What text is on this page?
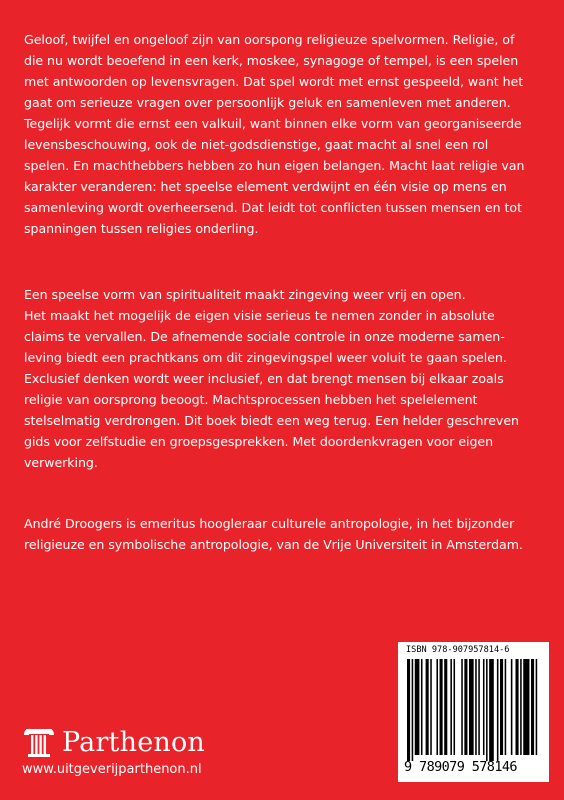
Geloof, twijfel en ongeloof zijn van oorspong religieuze spelvormen. Religie, of

die nu wordt beoefend in een kerk, moskee, synagoge of tempel, is een spelen

met antwoorden op levensvragen. Dat spel wordt met ernst gespeeld, want het

gaat om serieuze vragen over persoonlijk geluk en samenleven met anderen.

Tegelijk vormt die ernst een valkuil, want binnen elke vorm van georganiseerde

levensbeschouwing, ook de niet-godsdienstige, gaat macht al snel een rol

spelen. En machthebbers hebben zo hun eigen belangen. Macht laat religie van

karakter veranderen: het speelse element verdwijnt en één visie op mens en

samenleving wordt overheersend. Dat leidt tot conflicten tussen mensen en tot

spanningen tussen religies onderling.

Een speelse vorm van spiritualiteit maakt zingeving weer vrij en open.

Het maakt het mogelijk de eigen visie serieus te nemen zonder in absolute

claims te vervallen. De afnemende sociale controle in onze moderne samen-

leving biedt een prachtkans om dit zingevingspel weer voluit te gaan spelen.

Exclusief denken wordt weer inclusief, en dat brengt mensen bij elkaar zoals

religie van oorsprong beoogt. Machtsprocessen hebben het spelelement

stelselmatig verdrongen. Dit boek biedt een weg terug. Een helder geschreven

gids voor zelfstudie en groepsgesprekken. Met doordenkvragen voor eigen

verwerking.

André Droogers is emeritus hoogleraar culturele antropologie, in het bijzonder

religieuze en symbolische antropologie, van de Vrije Universiteit in Amsterdam.

Parthenon
www.uitgeverijparthenon.nl
ISBN 978-907957814-6
9 789079 578146
